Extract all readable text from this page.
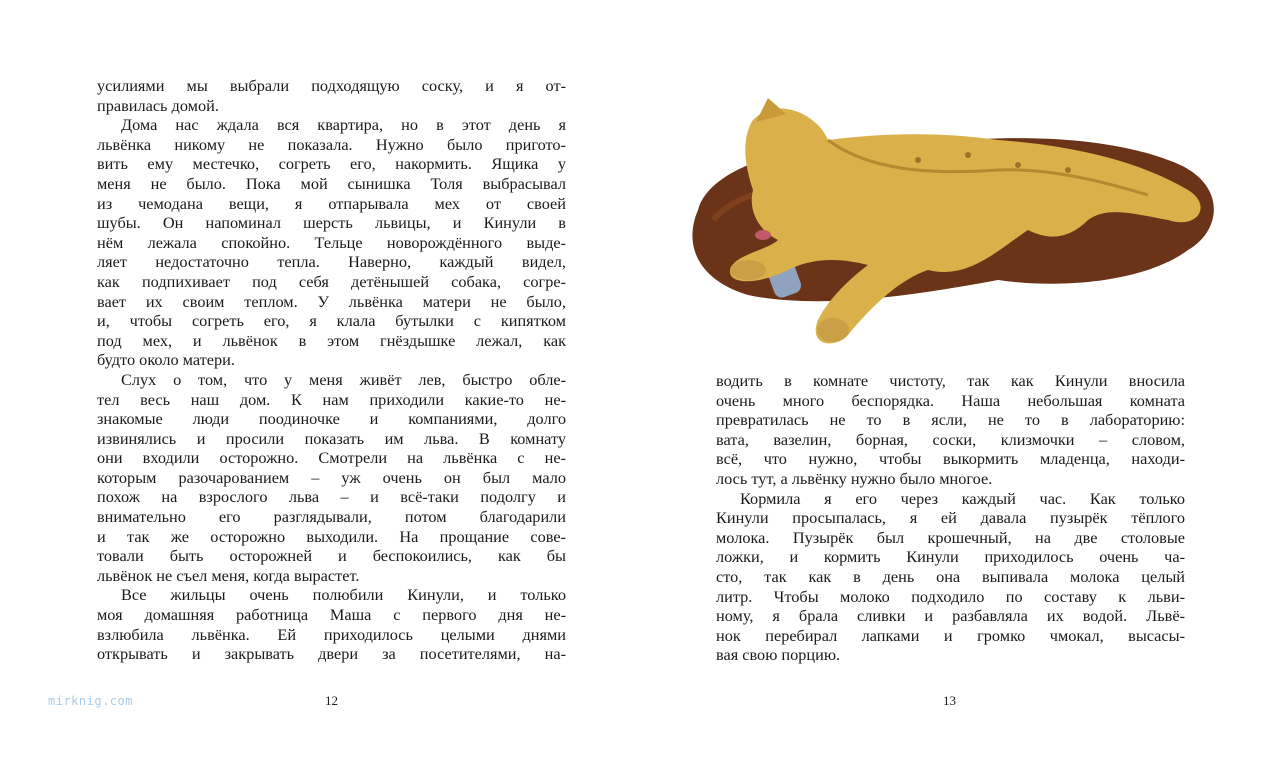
усилиями мы выбрали подходящую соску, и я от-
правилась домой.
Дома нас ждала вся квартира, но в этот день я
львёнка никому не показала. Нужно было пригото-
вить ему местечко, согреть его, накормить. Ящика у
меня не было. Пока мой сынишка Толя выбрасывал
из чемодана вещи, я отпарывала мех от своей
шубы. Он напоминал шерсть львицы, и Кинули в
нём лежала спокойно. Тельце новорождённого выде-
ляет недостаточно тепла. Наверно, каждый видел,
как подпихивает под себя детёнышей собака, согре-
вает их своим теплом. У львёнка матери не было,
и, чтобы согреть его, я клала бутылки с кипятком
под мех, и львёнок в этом гнёздышке лежал, как
будто около матери.
Слух о том, что у меня живёт лев, быстро обле-
тел весь наш дом. К нам приходили какие-то не-
знакомые люди поодиночке и компаниями, долго
извинялись и просили показать им льва. В комнату
они входили осторожно. Смотрели на львёнка с не-
которым разочарованием – уж очень он был мало
похож на взрослого льва – и всё-таки подолгу и
внимательно его разглядывали, потом благодарили
и так же осторожно выходили. На прощание сове-
товали быть осторожней и беспокоились, как бы
львёнок не съел меня, когда вырастет.
Все жильцы очень полюбили Кинули, и только
моя домашняя работница Маша с первого дня не-
взлюбила львёнка. Ей приходилось целыми днями
открывать и закрывать двери за посетителями, на-
водить в комнате чистоту, так как Кинули вносила
очень много беспорядка. Наша небольшая комната
превратилась не то в ясли, не то в лабораторию:
вата, вазелин, борная, соски, клизмочки – словом,
всё, что нужно, чтобы выкормить младенца, находи-
лось тут, а львёнку нужно было многое.
Кормила я его через каждый час. Как только
Кинули просыпалась, я ей давала пузырёк тёплого
молока. Пузырёк был крошечный, на две столовые
ложки, и кормить Кинули приходилось очень ча-
сто, так как в день она выпивала молока целый
литр. Чтобы молоко подходило по составу к льви-
ному, я брала сливки и разбавляла их водой. Львё-
нок перебирал лапками и громко чмокал, высасы-
вая свою порцию.
12	13
mirknig.com
